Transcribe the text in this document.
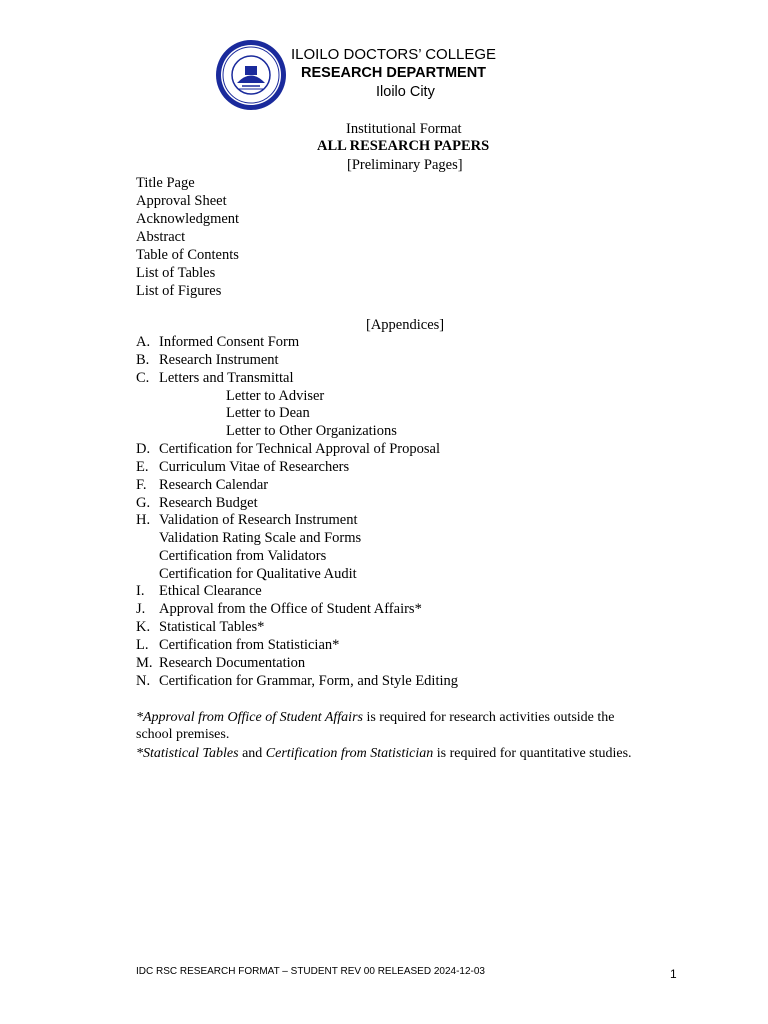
ILOILO DOCTORS’ COLLEGE
RESEARCH DEPARTMENT
Iloilo City
Institutional Format
ALL RESEARCH PAPERS
[Preliminary Pages]
Title Page
Approval Sheet
Acknowledgment
Abstract
Table of Contents
List of Tables
List of Figures
[Appendices]
A. Informed Consent Form
B. Research Instrument
C. Letters and Transmittal
Letter to Adviser
Letter to Dean
Letter to Other Organizations
D. Certification for Technical Approval of Proposal
E. Curriculum Vitae of Researchers
F. Research Calendar
G. Research Budget
H. Validation of Research Instrument
Validation Rating Scale and Forms
Certification from Validators
Certification for Qualitative Audit
I. Ethical Clearance
J. Approval from the Office of Student Affairs*
K. Statistical Tables*
L. Certification from Statistician*
M. Research Documentation
N. Certification for Grammar, Form, and Style Editing
*Approval from Office of Student Affairs is required for research activities outside the
school premises.
*Statistical Tables and Certification from Statistician is required for quantitative studies.
IDC RSC RESEARCH FORMAT – STUDENT REV 00 RELEASED 2024-12-03	1
